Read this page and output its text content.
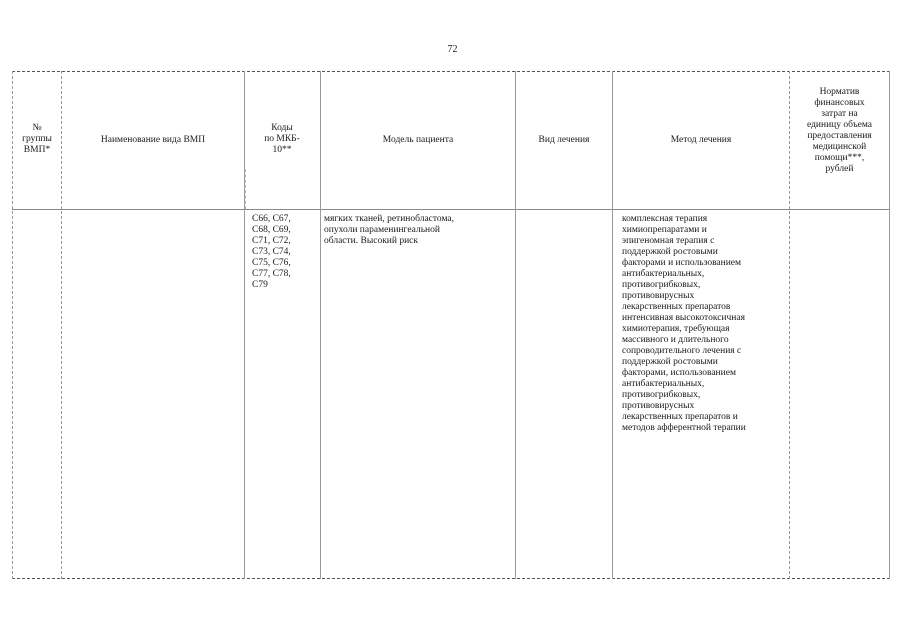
72
№
группы
ВМП*
Наименование вида ВМП
Коды
по МКБ-
10**
Модель пациента	Вид лечения	Метод лечения
Норматив
финансовых
затрат на
единицу объема
предоставления
медицинской
помощи***,
рублей
C66, C67,
C68, C69,
C71, C72,
C73, C74,
C75, C76,
C77, C78,
C79
мягких тканей, ретинобластома,
опухоли параменингеальной
области. Высокий риск
комплексная терапия
химиопрепаратами и
эпигеномная терапия с
поддержкой ростовыми
факторами и использованием
антибактериальных,
противогрибковых,
противовирусных
лекарственных препаратов
интенсивная высокотоксичная
химиотерапия, требующая
массивного и длительного
сопроводительного лечения с
поддержкой ростовыми
факторами, использованием
антибактериальных,
противогрибковых,
противовирусных
лекарственных препаратов и
методов афферентной терапии
